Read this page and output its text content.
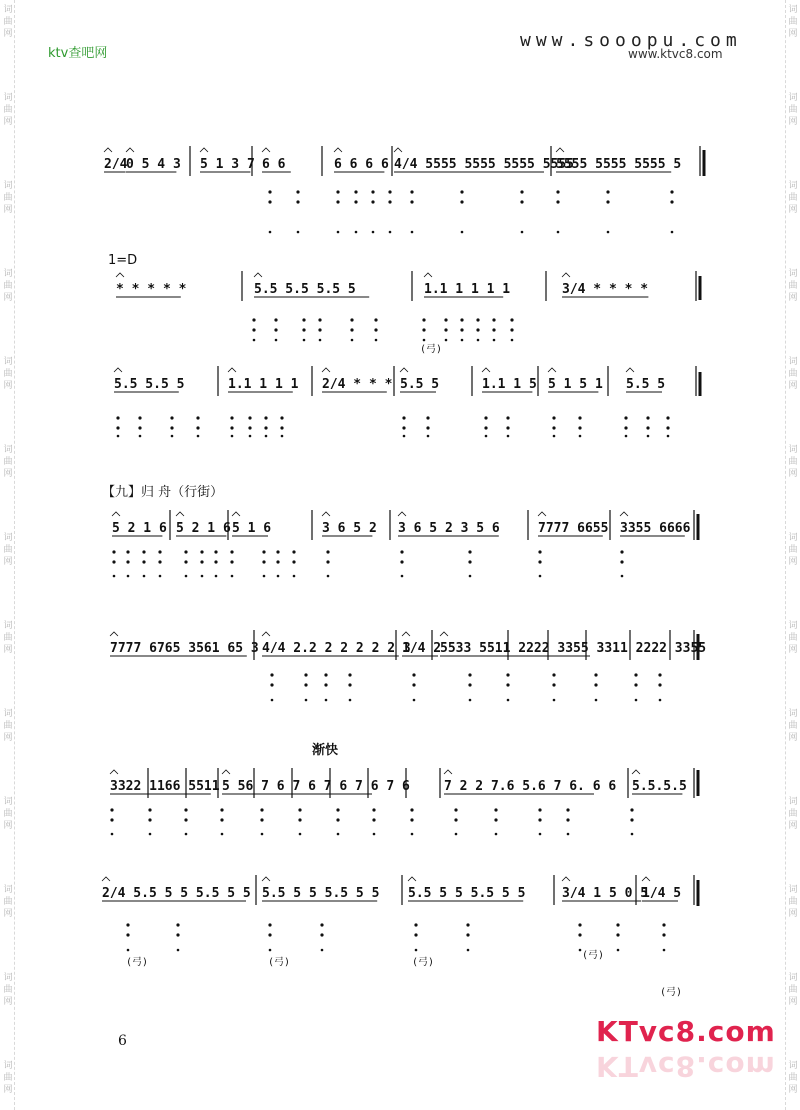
词
曲
网
词
曲
网
词
曲
网
词
曲
网
词
曲
网
词
曲
网
词
曲
网
词
曲
网
词
曲
网
词
曲
网
词
曲
网
词
曲
网
词
曲
网
词
曲
网
词
曲
网
词
曲
网
词
曲
网
词
曲
网
词
曲
网
词
曲
网
词
曲
网
词
曲
网
词
曲
网
词
曲
网
词
曲
网
词
曲
网
ktv查吧网
www.sooopu.com
www.ktvc8.com
2/4
0 5 4 3 5 1 3 7 6 6	6 6 6 6 4/4 5555 5555 5555 5555
5555 5555 5555 5
* * * * *	5.5 5.5 5.5 5	1.1 1 1 1 1	3/4 * * * *
5.5 5.5 5	1.1 1 1 1 2/4 * * * 5.5 5	1.1 1 5 5 1 5 1 5.5 5
5 2 1 6 5 2 1 6 5 1 6	3 6 5 2 3 6 5 2 3 5 6	7777 6655 3355 6666
7777 6765 3561 65 3 4/4 2.2 2 2 2 2 2 3
1/4 2
5533 5511 2222 3355 3311 2222 3355
3322 1166 5511 5 56 7 6 7 6 7 6 7 6 7 6	7 2 2 7.6 5.6 7 6. 6 6 5.5.5.5
2/4 5.5 5 5 5.5 5 5 5.5 5 5 5.5 5 5 5.5 5 5 5.5 5 5	3/4 1 5 0 5
1/4 5
(弓)
(弓)	(弓)	(弓)
(弓)
(弓)
1=D
【九】归 舟（行街）
渐快
6	KTvc8.com
KTvc8.com
